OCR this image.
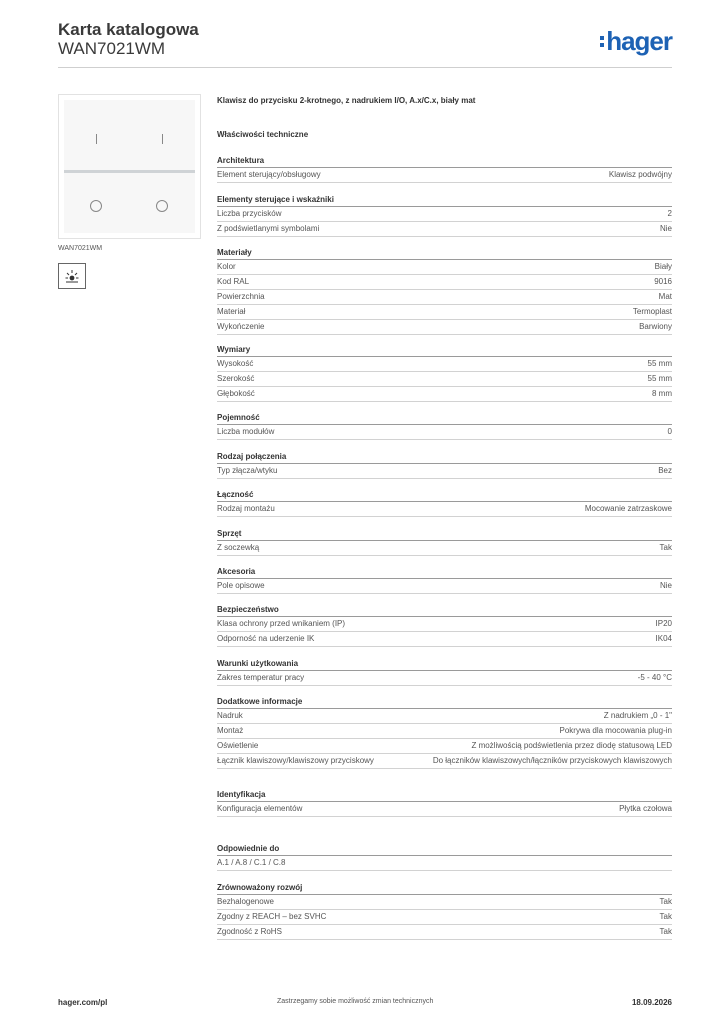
Karta katalogowa
WAN7021WM	hager
WAN7021WM
Klawisz do przycisku 2-krotnego, z nadrukiem I/O, A.x/C.x, biały mat
Właściwości techniczne
Architektura
Element sterujący/obsługowy	Klawisz podwójny
Elementy sterujące i wskaźniki
Liczba przycisków	2
Z podświetlanymi symbolami	Nie
Materiały
Kolor	Biały
Kod RAL	9016
Powierzchnia	Mat
Materiał	Termoplast
Wykończenie	Barwiony
Wymiary
Wysokość	55 mm
Szerokość	55 mm
Głębokość	8 mm
Pojemność
Liczba modułów	0
Rodzaj połączenia
Typ złącza/wtyku	Bez
Łączność
Rodzaj montażu	Mocowanie zatrzaskowe
Sprzęt
Z soczewką	Tak
Akcesoria
Pole opisowe	Nie
Bezpieczeństwo
Klasa ochrony przed wnikaniem (IP)	IP20
Odporność na uderzenie IK	IK04
Warunki użytkowania
Zakres temperatur pracy	-5 - 40 °C
Dodatkowe informacje
Nadruk	Z nadrukiem „0 - 1"
Montaż	Pokrywa dla mocowania plug-in
Oświetlenie	Z możliwością podświetlenia przez diodę statusową LED
Łącznik klawiszowy/klawiszowy przyciskowy	Do łączników klawiszowych/łączników przyciskowych klawiszowych
Identyfikacja
Konfiguracja elementów	Płytka czołowa
Odpowiednie do
A.1 / A.8 / C.1 / C.8
Zrównoważony rozwój
Bezhalogenowe	Tak
Zgodny z REACH – bez SVHC	Tak
Zgodność z RoHS	Tak
hager.com/pl	Zastrzegamy sobie możliwość zmian technicznych	18.09.2026
